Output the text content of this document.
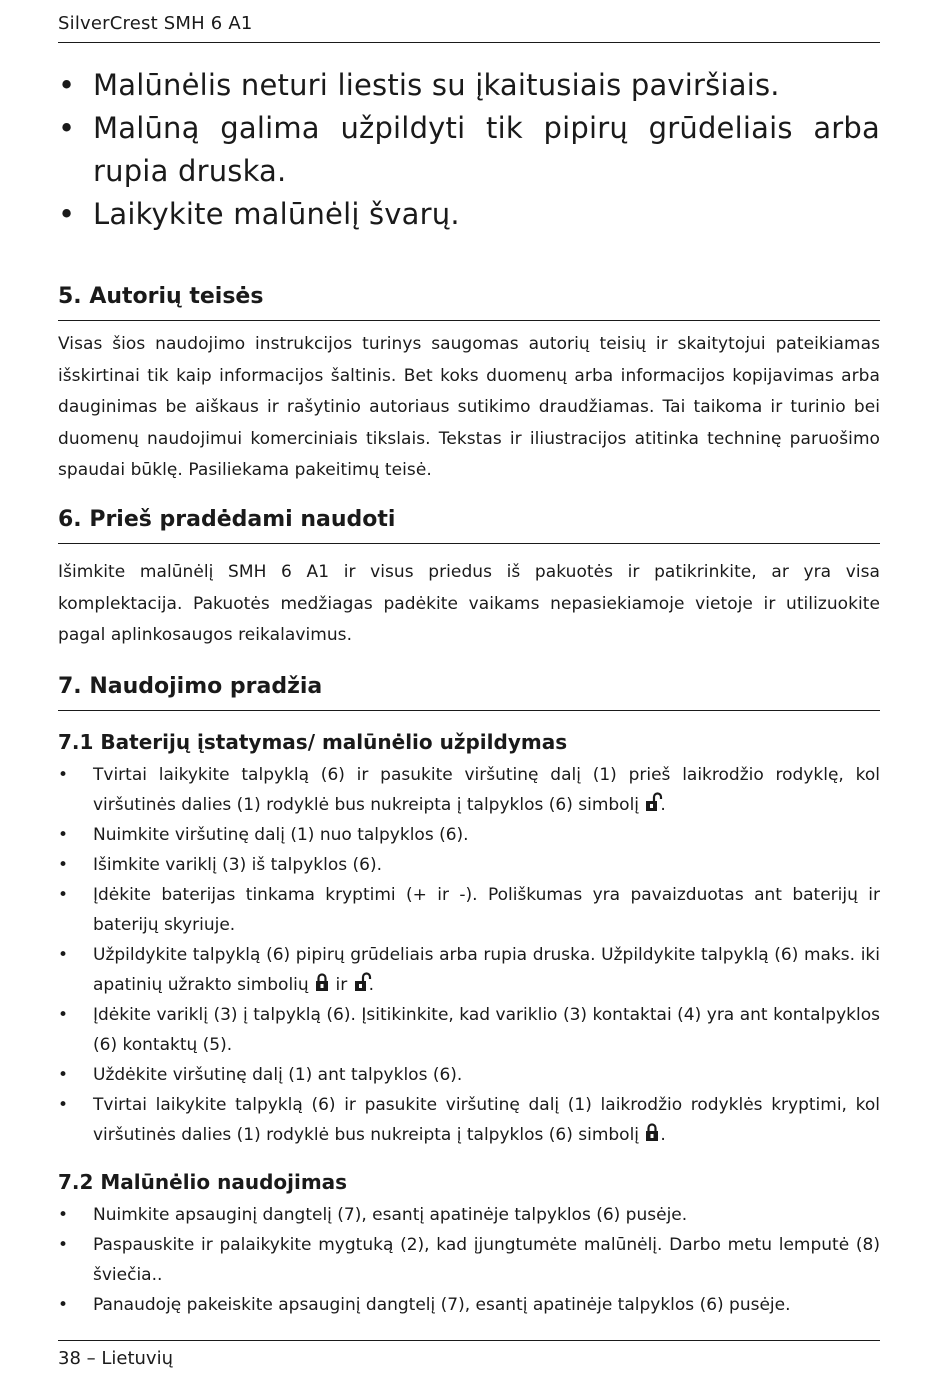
SilverCrest SMH 6 A1
• Malūnėlis neturi liestis su įkaitusiais paviršiais.
• Malūną galima užpildyti tik pipirų grūdeliais arba rupia druska.
• Laikykite malūnėlį švarų.
5. Autorių teisės
Visas šios naudojimo instrukcijos turinys saugomas autorių teisių ir skaitytojui pateikiamas išskirtinai tik kaip informacijos šaltinis. Bet koks duomenų arba informacijos kopijavimas arba dauginimas be aiškaus ir rašytinio autoriaus sutikimo draudžiamas. Tai taikoma ir turinio bei duomenų naudojimui komerciniais tikslais. Tekstas ir iliustracijos atitinka techninę paruošimo spaudai būklę. Pasiliekama pakeitimų teisė.
6. Prieš pradėdami naudoti
Išimkite malūnėlį SMH 6 A1 ir visus priedus iš pakuotės ir patikrinkite, ar yra visa komplektacija. Pakuotės medžiagas padėkite vaikams nepasiekiamoje vietoje ir utilizuokite pagal aplinkosaugos reikalavimus.
7. Naudojimo pradžia
7.1 Baterijų įstatymas/ malūnėlio užpildymas
• Tvirtai laikykite talpyklą (6) ir pasukite viršutinę dalį (1) prieš laikrodžio rodyklę, kol viršutinės dalies (1) rodyklė bus nukreipta į talpyklos (6) simbolį
.
• Nuimkite viršutinę dalį (1) nuo talpyklos (6).
• Išimkite variklį (3) iš talpyklos (6).
• Įdėkite baterijas tinkama kryptimi (+ ir -). Poliškumas yra pavaizduotas ant baterijų ir baterijų skyriuje.
• Užpildykite talpyklą (6) pipirų grūdeliais arba rupia druska. Užpildykite talpyklą (6) maks. iki apatinių užrakto simbolių
ir
.
• Įdėkite variklį (3) į talpyklą (6). Įsitikinkite, kad variklio (3) kontaktai (4) yra ant kontalpyklos (6) kontaktų (5).
• Uždėkite viršutinę dalį (1) ant talpyklos (6).
• Tvirtai laikykite talpyklą (6) ir pasukite viršutinę dalį (1) laikrodžio rodyklės kryptimi, kol viršutinės dalies (1) rodyklė bus nukreipta į talpyklos (6) simbolį
.
7.2 Malūnėlio naudojimas
• Nuimkite apsauginį dangtelį (7), esantį apatinėje talpyklos (6) pusėje.
• Paspauskite ir palaikykite mygtuką (2), kad įjungtumėte malūnėlį. Darbo metu lemputė (8) šviečia..
• Panaudoję pakeiskite apsauginį dangtelį (7), esantį apatinėje talpyklos (6) pusėje.
38 – Lietuvių
